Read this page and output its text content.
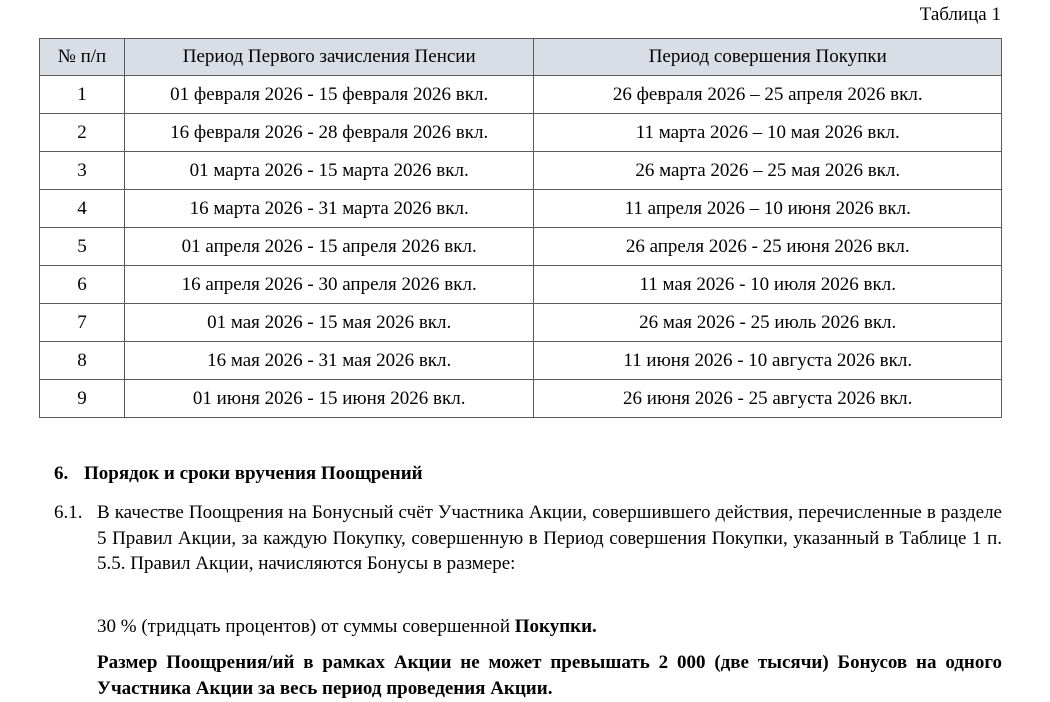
Таблица 1
№ п/п	Период Первого зачисления Пенсии	Период совершения Покупки
1	01 февраля 2026 - 15 февраля 2026 вкл.	26 февраля 2026 – 25 апреля 2026 вкл.
2	16 февраля 2026 - 28 февраля 2026 вкл.	11 марта 2026 – 10 мая 2026 вкл.
3	01 марта 2026 - 15 марта 2026 вкл.	26 марта 2026 – 25 мая 2026 вкл.
4	16 марта 2026 - 31 марта 2026 вкл.	11 апреля 2026 – 10 июня 2026 вкл.
5	01 апреля 2026 - 15 апреля 2026 вкл.	26 апреля 2026 - 25 июня 2026 вкл.
6	16 апреля 2026 - 30 апреля 2026 вкл.	11 мая 2026 - 10 июля 2026 вкл.
7	01 мая 2026 - 15 мая 2026 вкл.	26 мая 2026 - 25 июль 2026 вкл.
8	16 мая 2026 - 31 мая 2026 вкл.	11 июня 2026 - 10 августа 2026 вкл.
9	01 июня 2026 - 15 июня 2026 вкл.	26 июня 2026 - 25 августа 2026 вкл.
6. Порядок и сроки вручения Поощрений
6.1. В качестве Поощрения на Бонусный счёт Участника Акции, совершившего действия, перечисленные в разделе 5 Правил Акции, за каждую Покупку, совершенную в Период совершения Покупки, указанный в Таблице 1 п. 5.5. Правил Акции, начисляются Бонусы в размере:
30 % (тридцать процентов) от суммы совершенной Покупки.
Размер Поощрения/ий в рамках Акции не может превышать 2 000 (две тысячи) Бонусов на одного Участника Акции за весь период проведения Акции.
